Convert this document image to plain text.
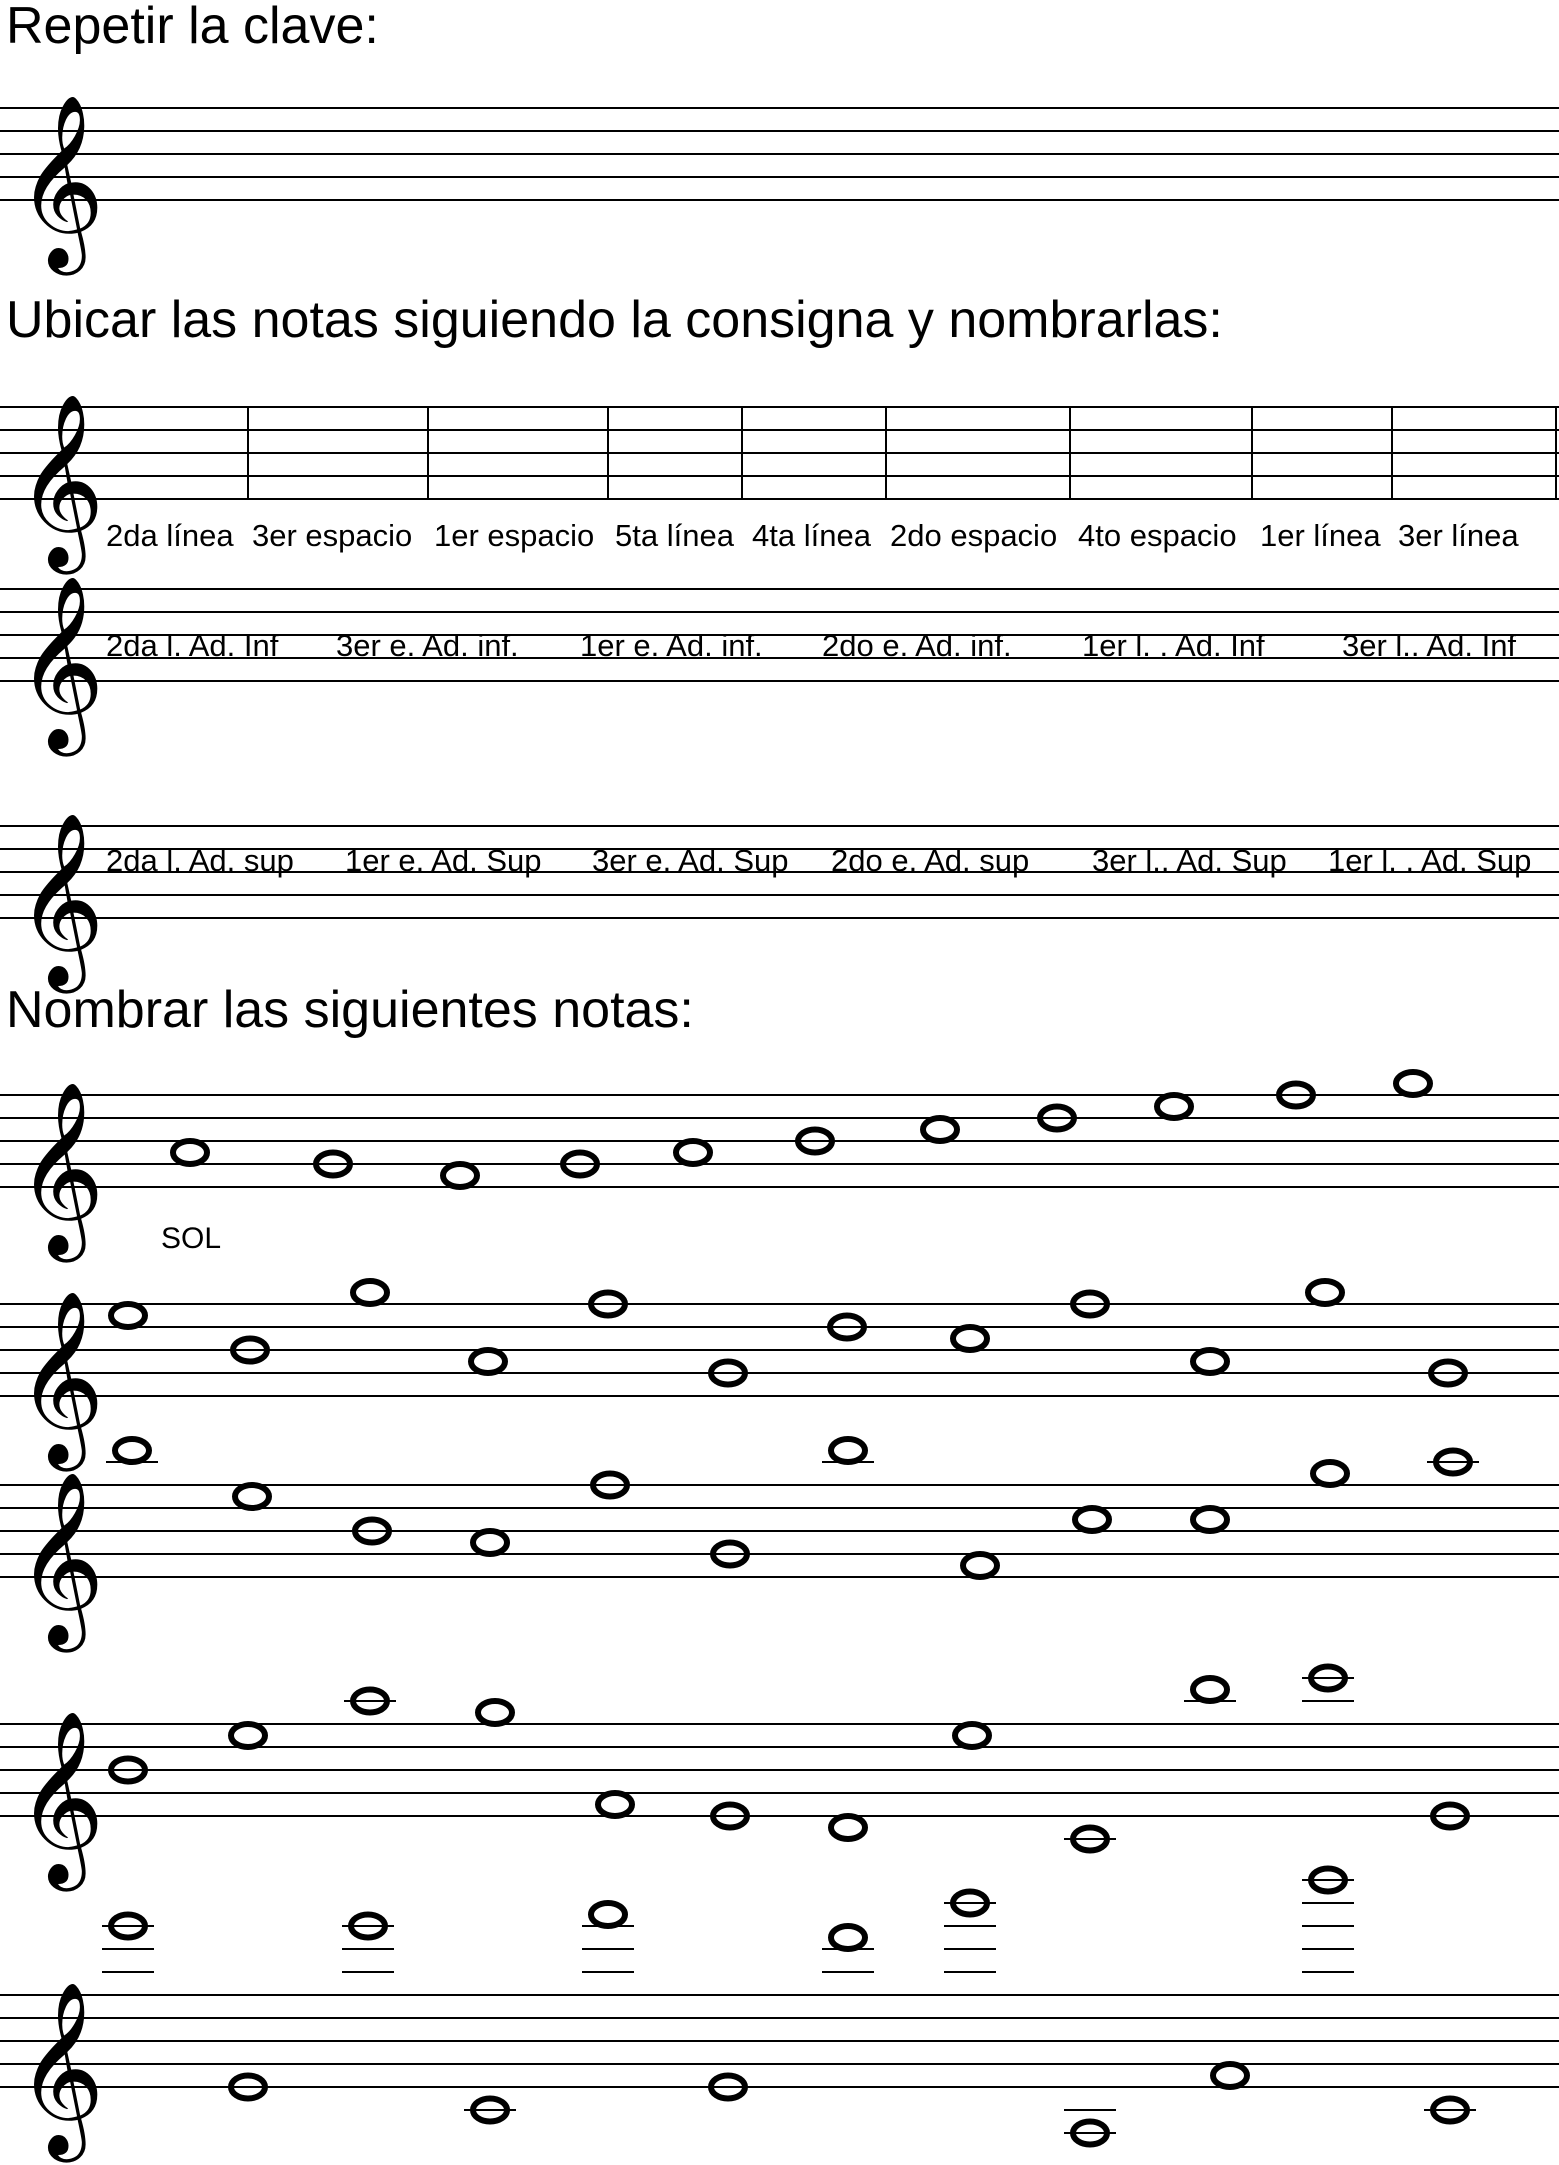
Repetir la clave:
Ubicar las notas siguiendo la consigna y nombrarlas:
Nombrar las siguientes notas:
𝄞
𝄞
𝄞
𝄞
𝄞
𝄞
𝄞
𝄞
𝄞
2da línea 3er espacio 1er espacio 5ta línea 4ta línea 2do espacio 4to espacio 1er línea 3er línea
2da l. Ad. Inf 3er e. Ad. inf. 1er e. Ad. inf. 2do e. Ad. inf. 1er l. . Ad. Inf 3er l.. Ad. Inf
2da l. Ad. sup 1er e. Ad. Sup 3er e. Ad. Sup 2do e. Ad. sup 3er l.. Ad. Sup 1er l. . Ad. Sup
SOL
